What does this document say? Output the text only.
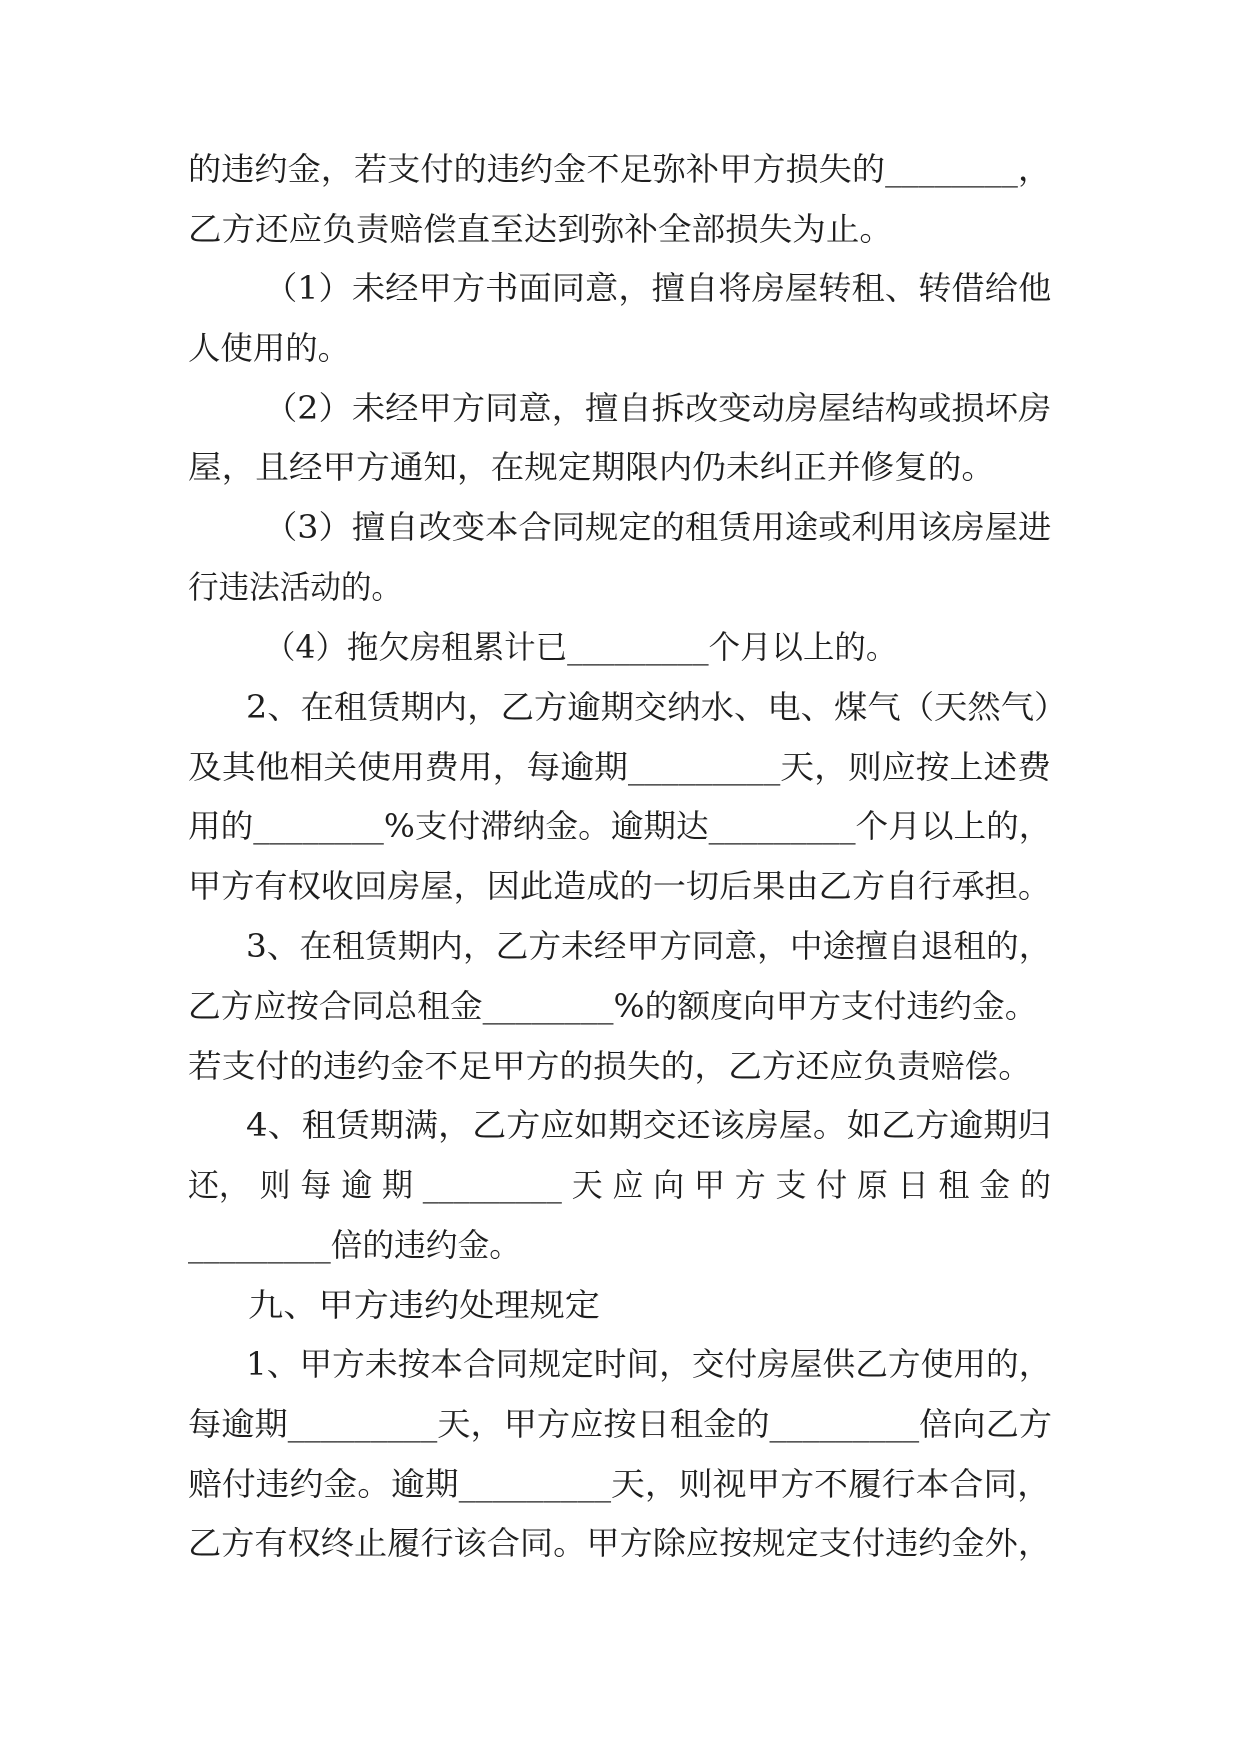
的违约金，若支付的违约金不足弥补甲方损失的________，
乙方还应负责赔偿直至达到弥补全部损失为止。
（1）未经甲方书面同意，擅自将房屋转租、转借给他
人使用的。
（2）未经甲方同意，擅自拆改变动房屋结构或损坏房
屋，且经甲方通知，在规定期限内仍未纠正并修复的。
（3）擅自改变本合同规定的租赁用途或利用该房屋进
行违法活动的。
（4）拖欠房租累计已_________个月以上的。
2、在租赁期内，乙方逾期交纳水、电、煤气（天然气）
及其他相关使用费用，每逾期_________天，则应按上述费
用的________%支付滞纳金。逾期达_________个月以上的，
甲方有权收回房屋，因此造成的一切后果由乙方自行承担。
3、在租赁期内，乙方未经甲方同意，中途擅自退租的，
乙方应按合同总租金________%的额度向甲方支付违约金。
若支付的违约金不足甲方的损失的，乙方还应负责赔偿。
4、租赁期满，乙方应如期交还该房屋。如乙方逾期归
还， 则 每 逾 期 _________ 天 应 向 甲 方 支 付 原 日 租 金 的
_________倍的违约金。
九、甲方违约处理规定
1、甲方未按本合同规定时间，交付房屋供乙方使用的，
每逾期_________天，甲方应按日租金的_________倍向乙方
赔付违约金。逾期_________天，则视甲方不履行本合同，
乙方有权终止履行该合同。甲方除应按规定支付违约金外，
